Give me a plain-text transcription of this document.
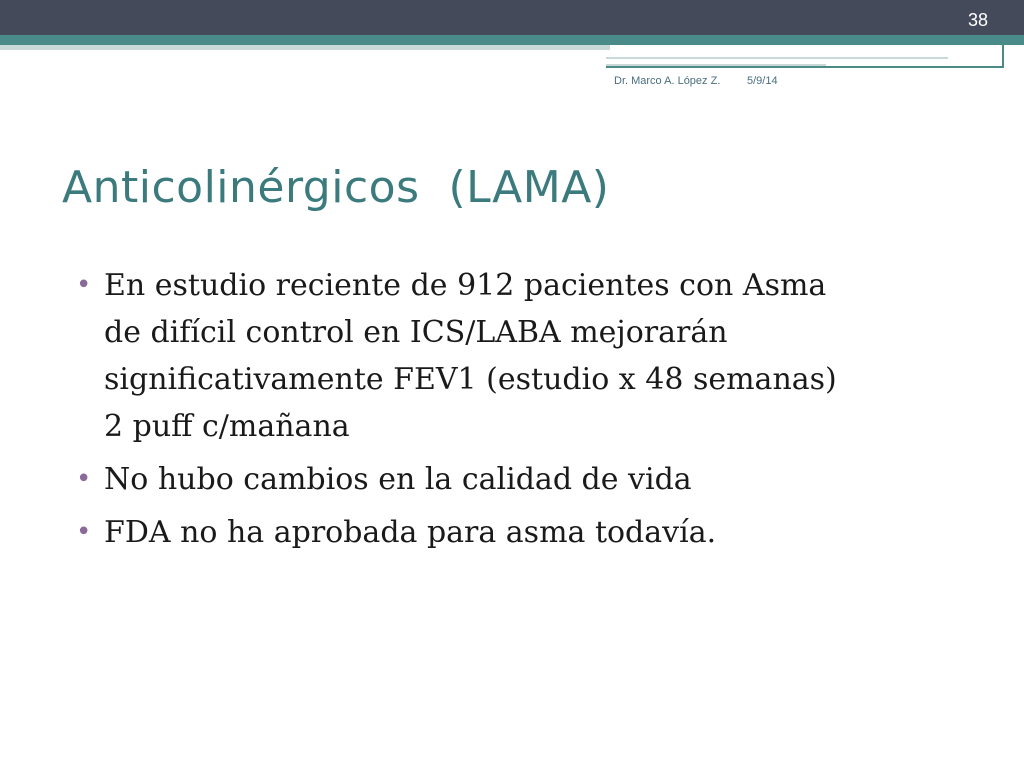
38
Dr. Marco A. López Z. 5/9/14
Anticolinérgicos  (LAMA)
• En estudio reciente de 912 pacientes con Asma
de difícil control en ICS/LABA mejorarán
significativamente FEV1 (estudio x 48 semanas)
2 puff c/mañana
• No hubo cambios en la calidad de vida
• FDA no ha aprobada para asma todavía.
